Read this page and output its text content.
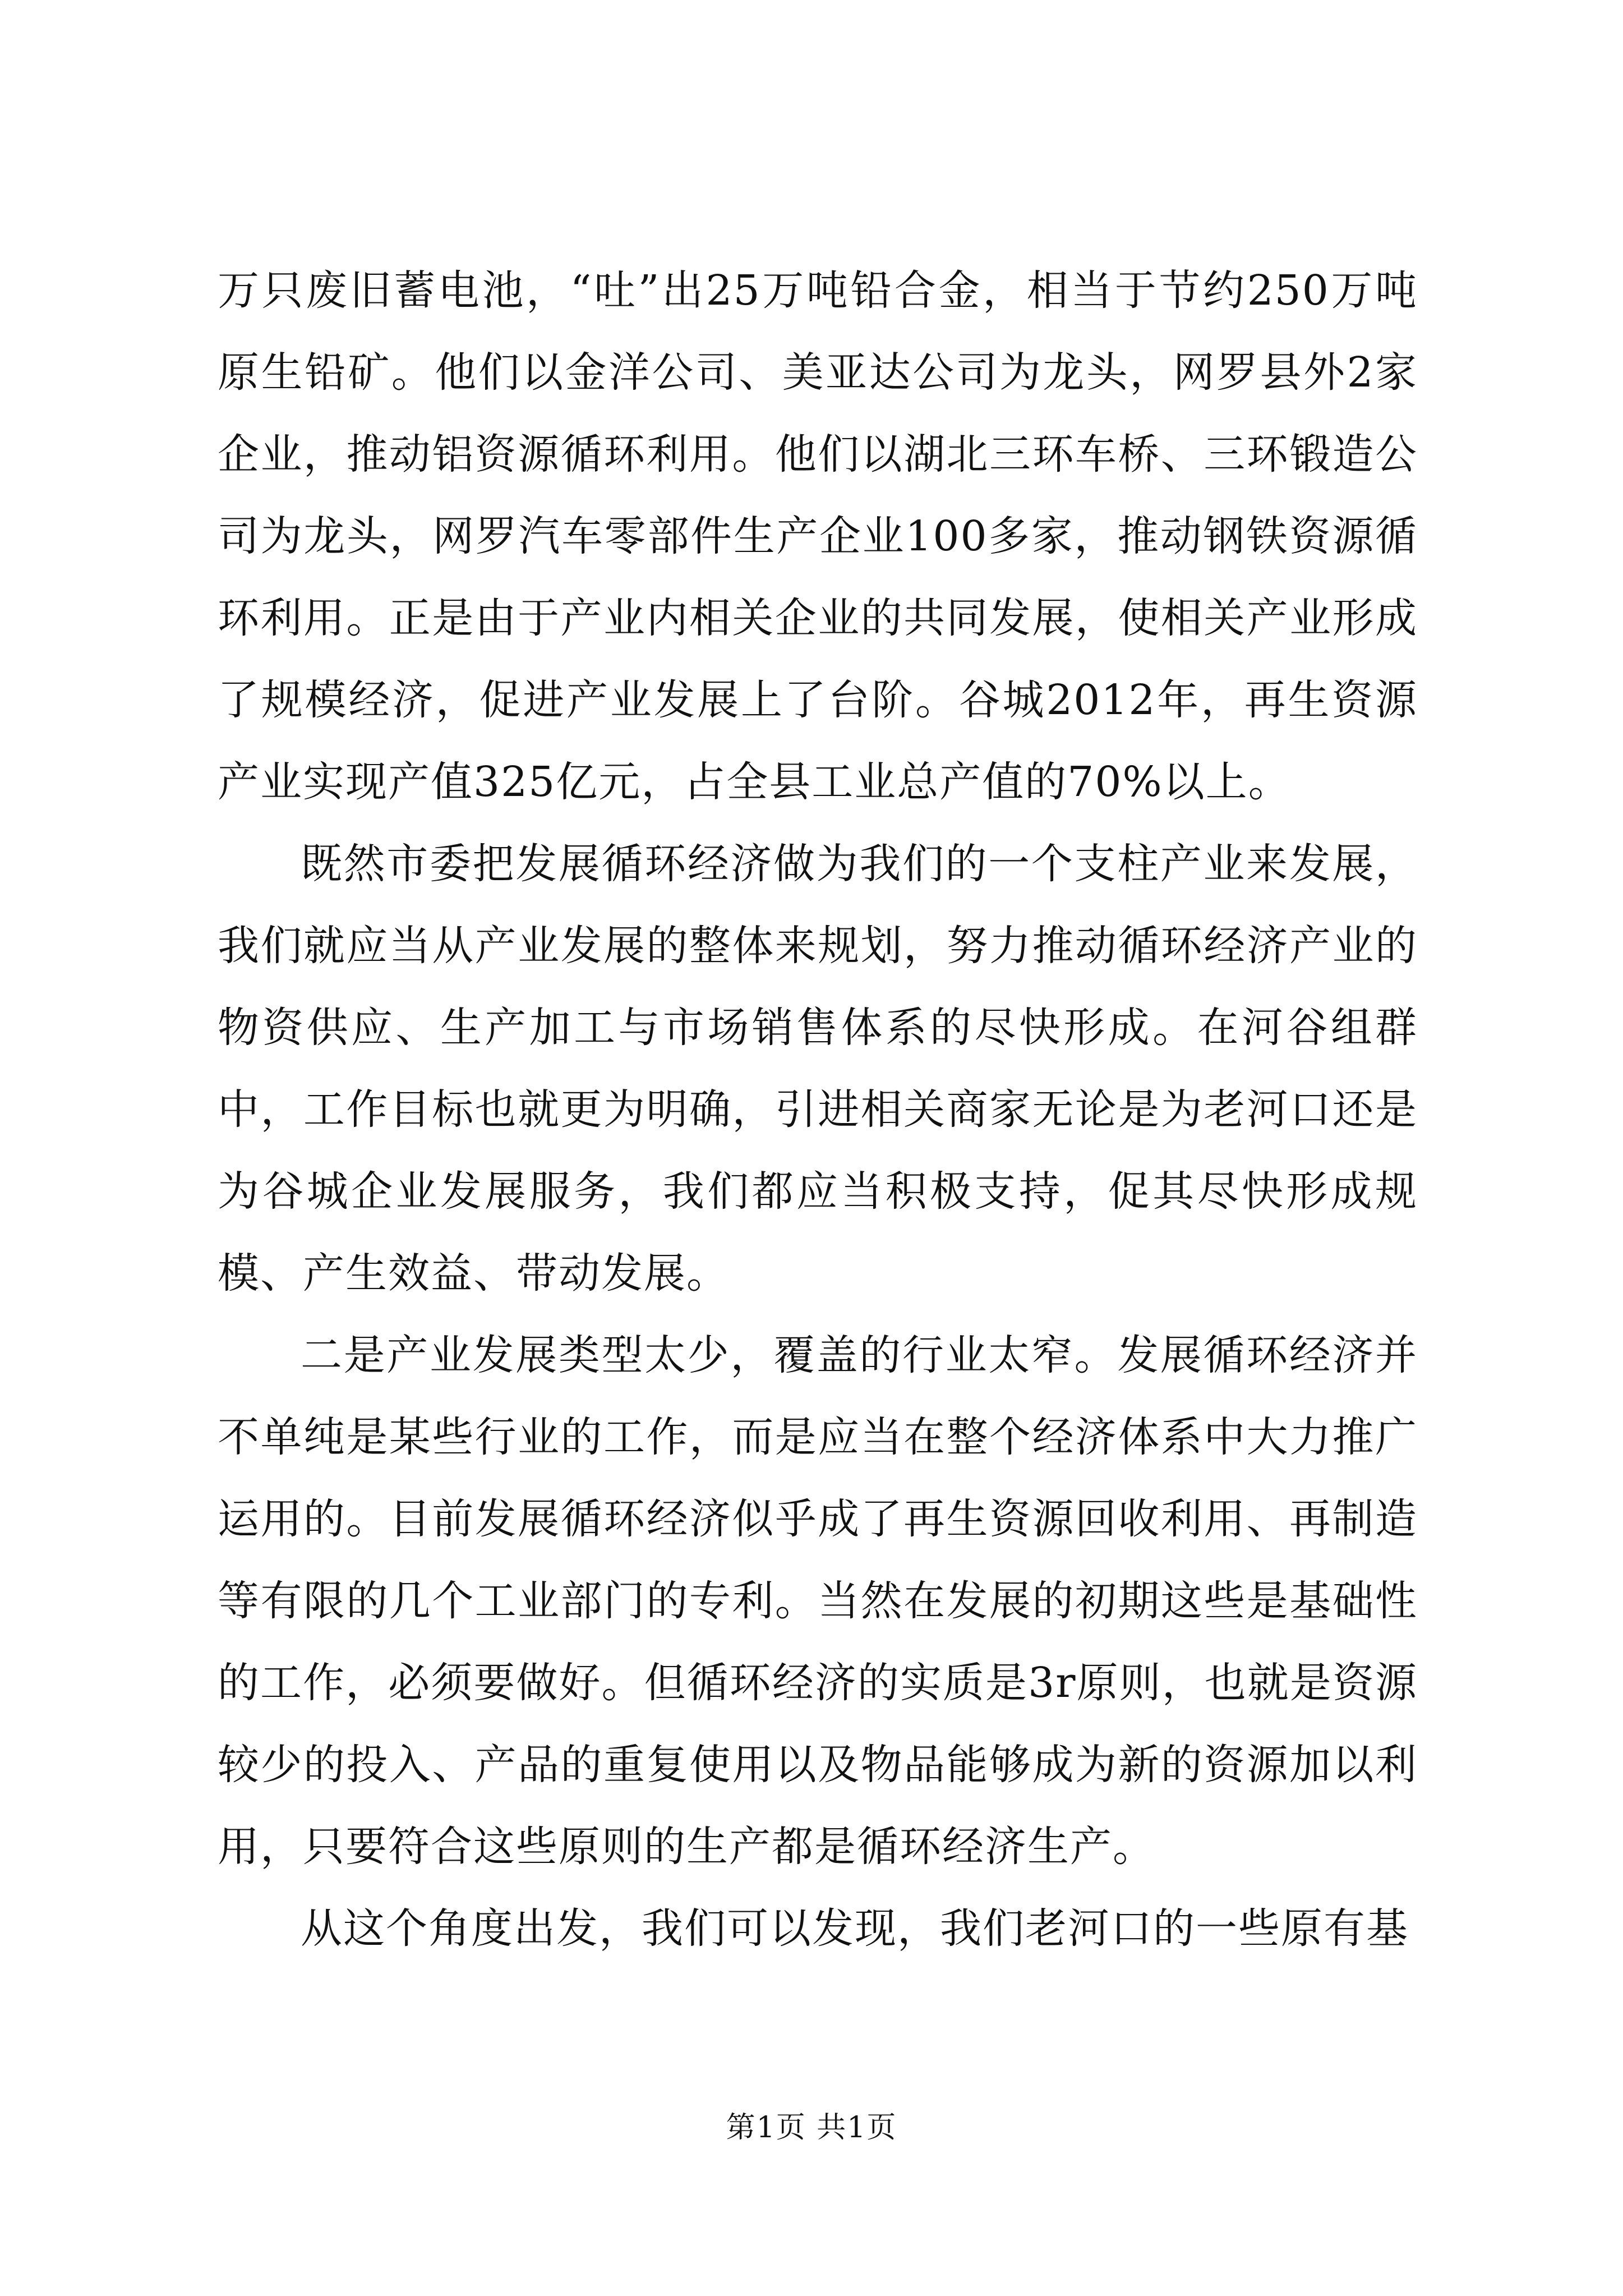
万只废旧蓄电池，“吐”出25万吨铅合金，相当于节约250万吨原生铅矿。他们以金洋公司、美亚达公司为龙头，网罗县外2家企业，推动铝资源循环利用。他们以湖北三环车桥、三环锻造公司为龙头，网罗汽车零部件生产企业100多家，推动钢铁资源循环利用。正是由于产业内相关企业的共同发展，使相关产业形成了规模经济，促进产业发展上了台阶。谷城2012年，再生资源产业实现产值325亿元，占全县工业总产值的70%以上。

既然市委把发展循环经济做为我们的一个支柱产业来发展，我们就应当从产业发展的整体来规划，努力推动循环经济产业的物资供应、生产加工与市场销售体系的尽快形成。在河谷组群中，工作目标也就更为明确，引进相关商家无论是为老河口还是为谷城企业发展服务，我们都应当积极支持，促其尽快形成规模、产生效益、带动发展。

二是产业发展类型太少，覆盖的行业太窄。发展循环经济并不单纯是某些行业的工作，而是应当在整个经济体系中大力推广运用的。目前发展循环经济似乎成了再生资源回收利用、再制造等有限的几个工业部门的专利。当然在发展的初期这些是基础性的工作，必须要做好。但循环经济的实质是3r原则，也就是资源较少的投入、产品的重复使用以及物品能够成为新的资源加以利用，只要符合这些原则的生产都是循环经济生产。

从这个角度出发，我们可以发现，我们老河口的一些原有基

第1页 共1页
